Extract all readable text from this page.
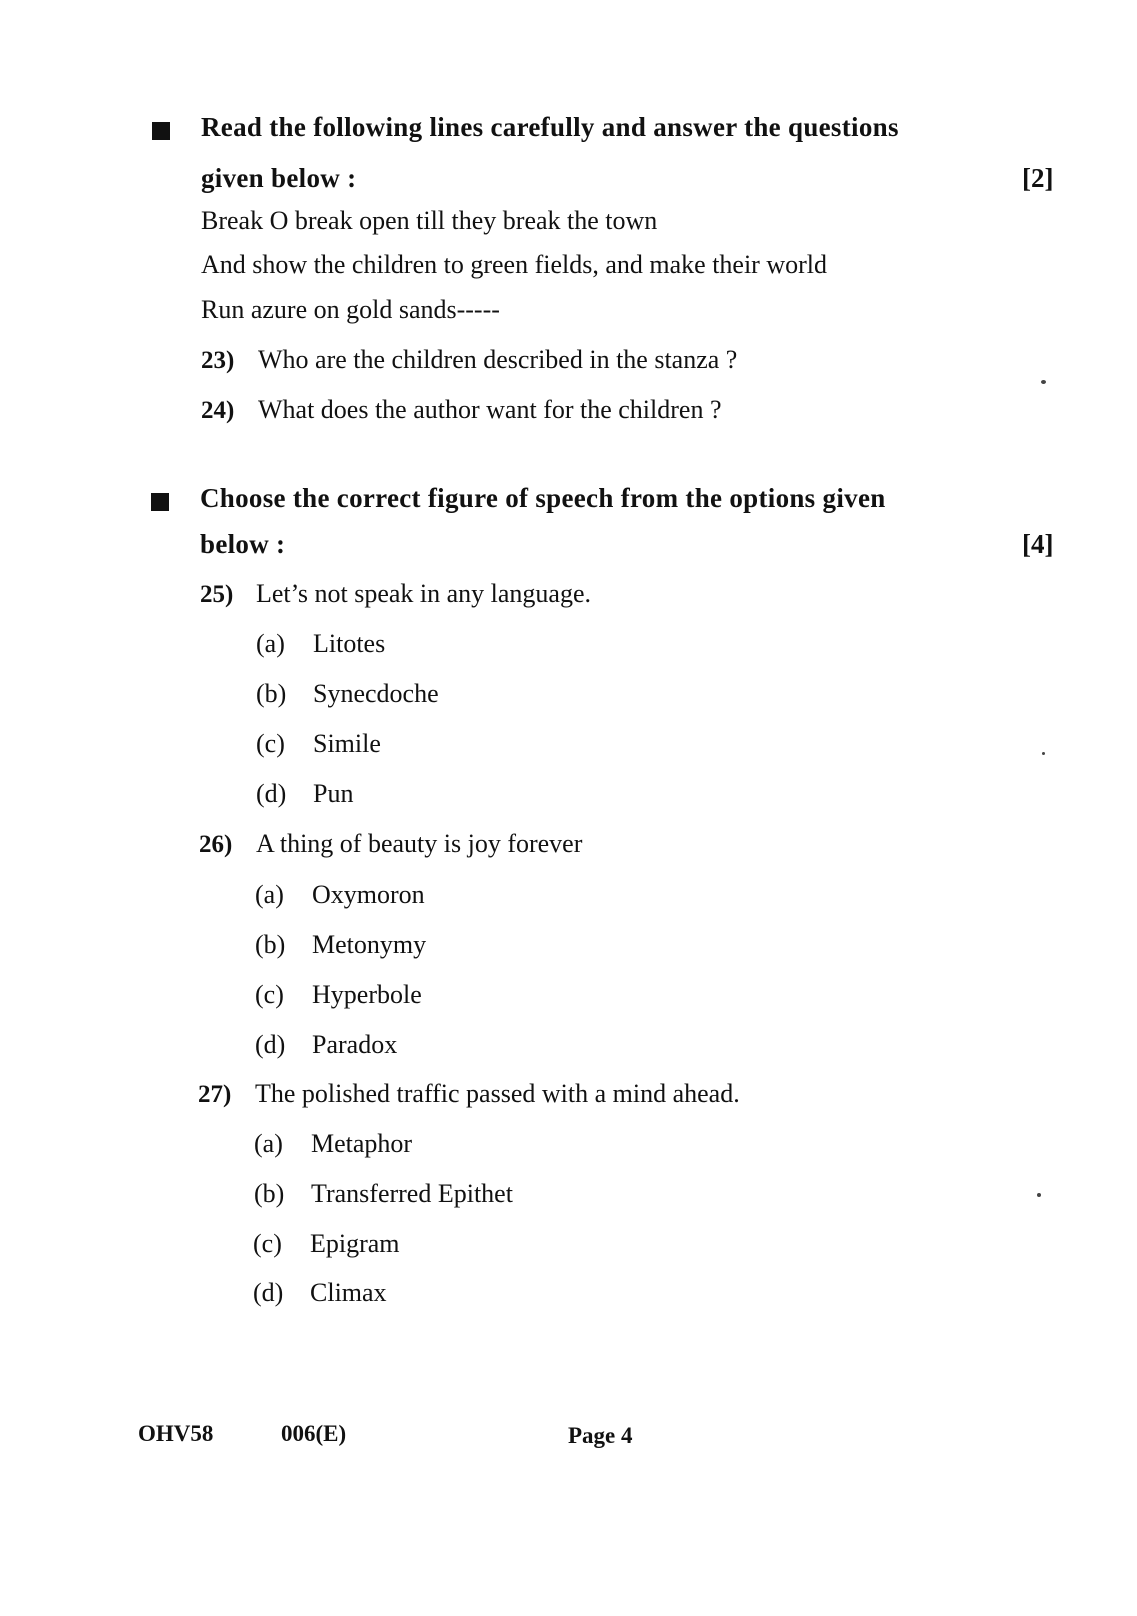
Read the following lines carefully and answer the questions
given below :	[2]
Break O break open till they break the town
And show the children to green fields, and make their world
Run azure on gold sands-----
23) Who are the children described in the stanza ?
24) What does the author want for the children ?
Choose the correct figure of speech from the options given
below :	[4]
25) Let’s not speak in any language.
(a) Litotes
(b) Synecdoche
(c) Simile
(d) Pun
26) A thing of beauty is joy forever
(a) Oxymoron
(b) Metonymy
(c) Hyperbole
(d) Paradox
27) The polished traffic passed with a mind ahead.
(a) Metaphor
(b) Transferred Epithet
(c) Epigram
(d) Climax
OHV58	006(E)	Page 4
